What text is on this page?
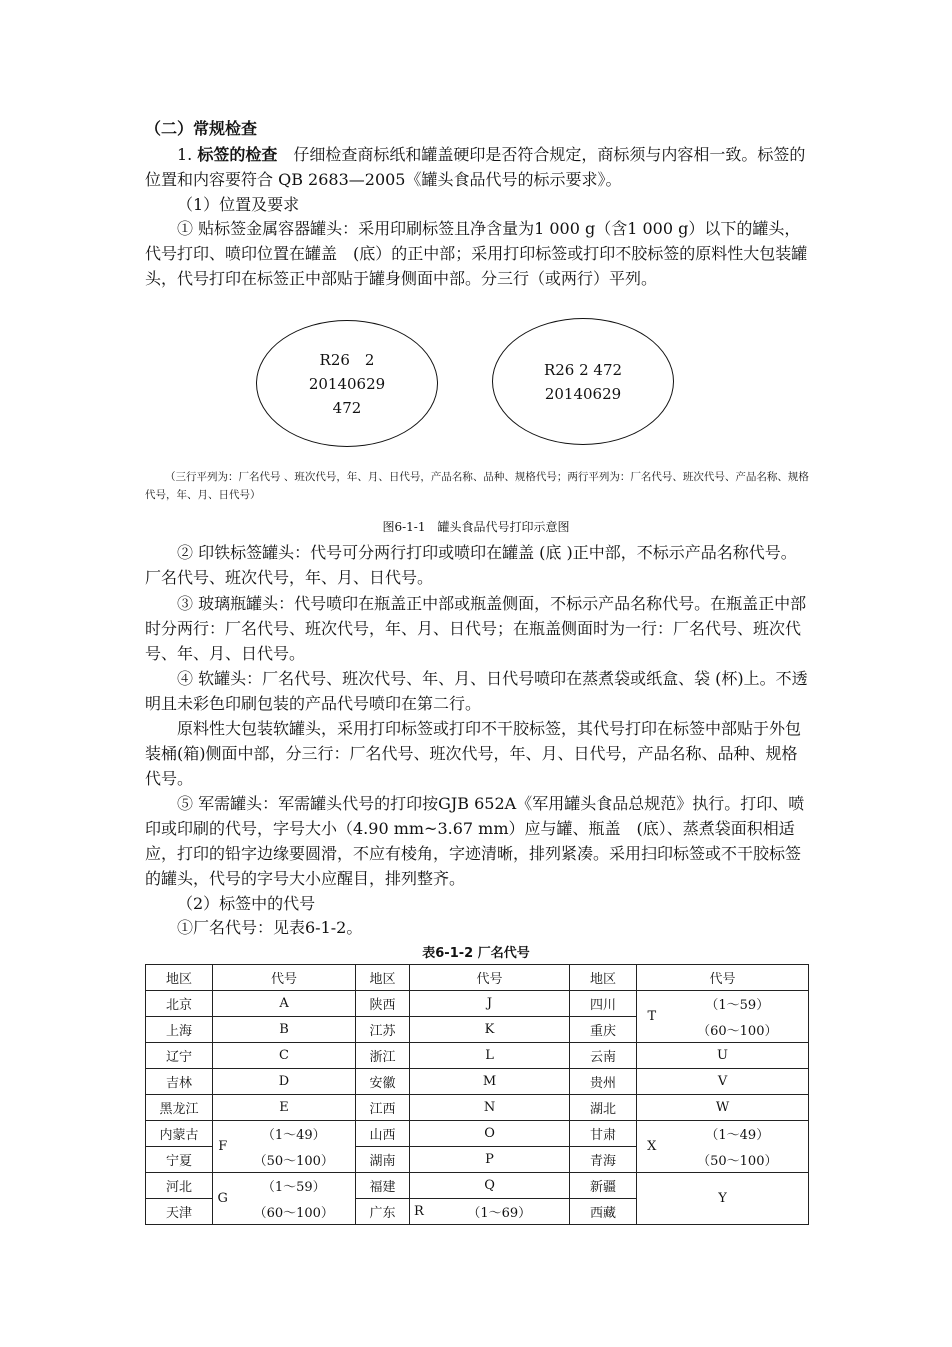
（二）常规检查
1. 标签的检查　仔细检查商标纸和罐盖硬印是否符合规定，商标须与内容相一致。标签的位置和内容要符合 QB 2683—2005《罐头食品代号的标示要求》。
（1）位置及要求
① 贴标签金属容器罐头：采用印刷标签且净含量为1 000 g（含1 000 g）以下的罐头，代号打印、喷印位置在罐盖　(底）的正中部；采用打印标签或打印不胶标签的原料性大包装罐头，代号打印在标签正中部贴于罐身侧面中部。分三行（或两行）平列。
R26　2
20140629
472
R26 2 472
20140629
（三行平列为：厂名代号 、班次代号，年、月、日代号，产品名称、品种、规格代号；两行平列为：厂名代号、班次代号、产品名称、规格代号，年、月、日代号）
图6-1-1　罐头食品代号打印示意图
② 印铁标签罐头：代号可分两行打印或喷印在罐盖 (底 )正中部，不标示产品名称代号。厂名代号、班次代号，年、月、日代号。
③ 玻璃瓶罐头：代号喷印在瓶盖正中部或瓶盖侧面，不标示产品名称代号。在瓶盖正中部时分两行：厂名代号、班次代号，年、月、日代号；在瓶盖侧面时为一行：厂名代号、班次代号、年、月、日代号。
④ 软罐头：厂名代号、班次代号、年、月、日代号喷印在蒸煮袋或纸盒、袋 (杯)上。不透明且未彩色印刷包装的产品代号喷印在第二行。
原料性大包装软罐头，采用打印标签或打印不干胶标签，其代号打印在标签中部贴于外包装桶(箱)侧面中部，分三行：厂名代号、班次代号，年、月、日代号，产品名称、品种、规格代号。
⑤ 军需罐头：军需罐头代号的打印按GJB 652A《军用罐头食品总规范》执行。打印、喷印或印刷的代号，字号大小（4.90 mm~3.67 mm）应与罐、瓶盖　(底）、蒸煮袋面积相适应，打印的铅字边缘要圆滑，不应有棱角，字迹清晰，排列紧凑。采用扫印标签或不干胶标签的罐头，代号的字号大小应醒目，排列整齐。
（2）标签中的代号
①厂名代号：见表6-1-2。
表6-1-2 厂名代号
地区	代号		地区	代号		地区	代号	
北京	A		陕西	J		四川	T	（1～59）
上海	B		江苏	K		重庆		（60～100）
辽宁	C		浙江	L		云南	U	
吉林	D		安徽	M		贵州	V	
黑龙江	E		江西	N		湖北	W	
内蒙古	F	（1～49）	山西	O		甘肃	X	（1～49）
宁夏		（50～100）	湖南	P		青海		（50～100）
河北	G	（1～59）	福建	Q		新疆	Y	
天津		（60～100）	广东	R	（1～69）	西藏		
